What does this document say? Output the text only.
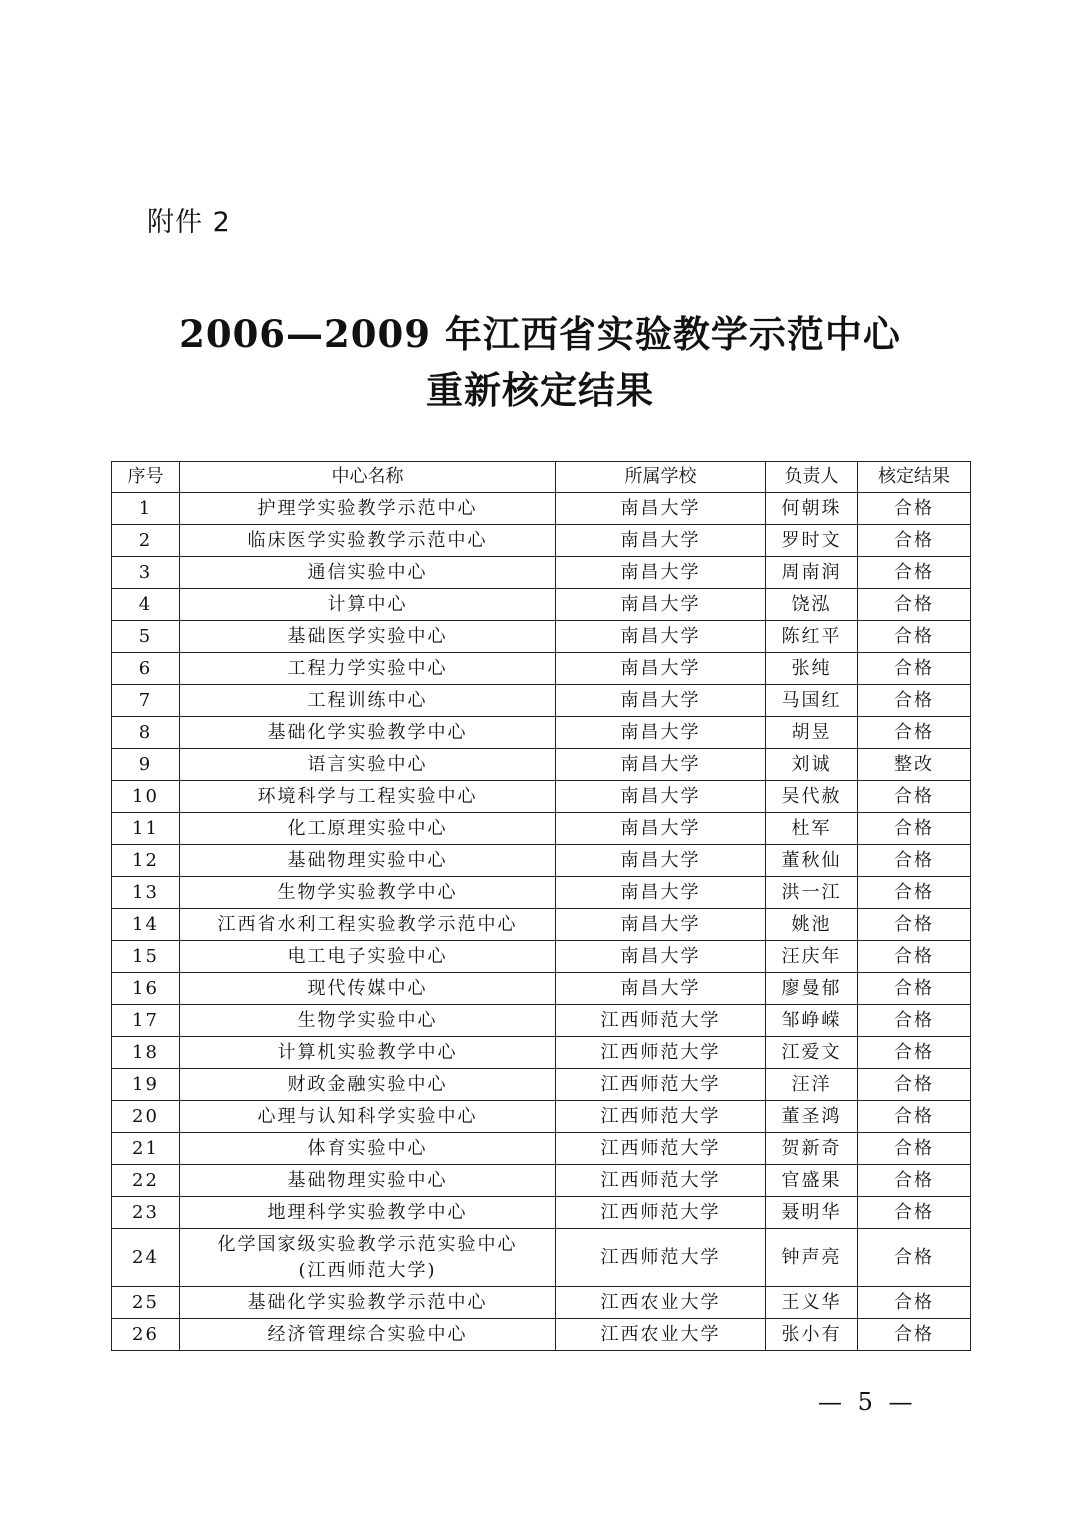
附件 2
2006—2009 年江西省实验教学示范中心
重新核定结果
序号	中心名称	所属学校	负责人	核定结果
1	护理学实验教学示范中心	南昌大学	何朝珠	合格
2	临床医学实验教学示范中心	南昌大学	罗时文	合格
3	通信实验中心	南昌大学	周南润	合格
4	计算中心	南昌大学	饶泓	合格
5	基础医学实验中心	南昌大学	陈红平	合格
6	工程力学实验中心	南昌大学	张纯	合格
7	工程训练中心	南昌大学	马国红	合格
8	基础化学实验教学中心	南昌大学	胡昱	合格
9	语言实验中心	南昌大学	刘诚	整改
10	环境科学与工程实验中心	南昌大学	吴代赦	合格
11	化工原理实验中心	南昌大学	杜军	合格
12	基础物理实验中心	南昌大学	董秋仙	合格
13	生物学实验教学中心	南昌大学	洪一江	合格
14	江西省水利工程实验教学示范中心	南昌大学	姚池	合格
15	电工电子实验中心	南昌大学	汪庆年	合格
16	现代传媒中心	南昌大学	廖曼郁	合格
17	生物学实验中心	江西师范大学	邹峥嵘	合格
18	计算机实验教学中心	江西师范大学	江爱文	合格
19	财政金融实验中心	江西师范大学	汪洋	合格
20	心理与认知科学实验中心	江西师范大学	董圣鸿	合格
21	体育实验中心	江西师范大学	贺新奇	合格
22	基础物理实验中心	江西师范大学	官盛果	合格
23	地理科学实验教学中心	江西师范大学	聂明华	合格
24	化学国家级实验教学示范实验中心
(江西师范大学)	江西师范大学	钟声亮	合格
25	基础化学实验教学示范中心	江西农业大学	王义华	合格
26	经济管理综合实验中心	江西农业大学	张小有	合格
— 5 —
